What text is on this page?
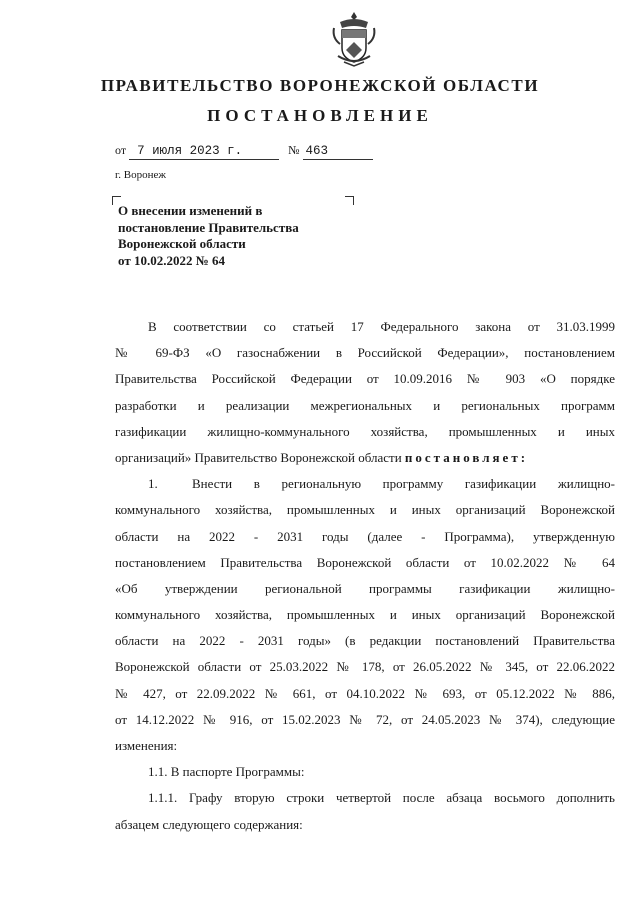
ПРАВИТЕЛЬСТВО ВОРОНЕЖСКОЙ ОБЛАСТИ
ПОСТАНОВЛЕНИЕ
от 7 июля 2023 г.	№ 463
г. Воронеж
О внесении изменений в
постановление Правительства
Воронежской области
от 10.02.2022 № 64
В соответствии со статьей 17 Федерального закона от 31.03.1999
№ 69-ФЗ «О газоснабжении в Российской Федерации», постановлением
Правительства Российской Федерации от 10.09.2016 № 903 «О порядке
разработки и реализации межрегиональных и региональных программ
газификации жилищно-коммунального хозяйства, промышленных и иных
организаций» Правительство Воронежской области постановляет:
1.	Внести в региональную программу газификации жилищно-
коммунального хозяйства, промышленных и иных организаций Воронежской
области на 2022 - 2031 годы (далее - Программа), утвержденную
постановлением Правительства Воронежской области от 10.02.2022 № 64
«Об утверждении региональной программы газификации жилищно-
коммунального хозяйства, промышленных и иных организаций Воронежской
области на 2022 - 2031 годы» (в редакции постановлений Правительства
Воронежской области от 25.03.2022 № 178, от 26.05.2022 № 345, от 22.06.2022
№ 427, от 22.09.2022 № 661, от 04.10.2022 № 693, от 05.12.2022 № 886,
от 14.12.2022 № 916, от 15.02.2023 № 72, от 24.05.2023 № 374), следующие
изменения:
1.1. В паспорте Программы:
1.1.1. Графу вторую строки четвертой после абзаца восьмого дополнить
абзацем следующего содержания:
